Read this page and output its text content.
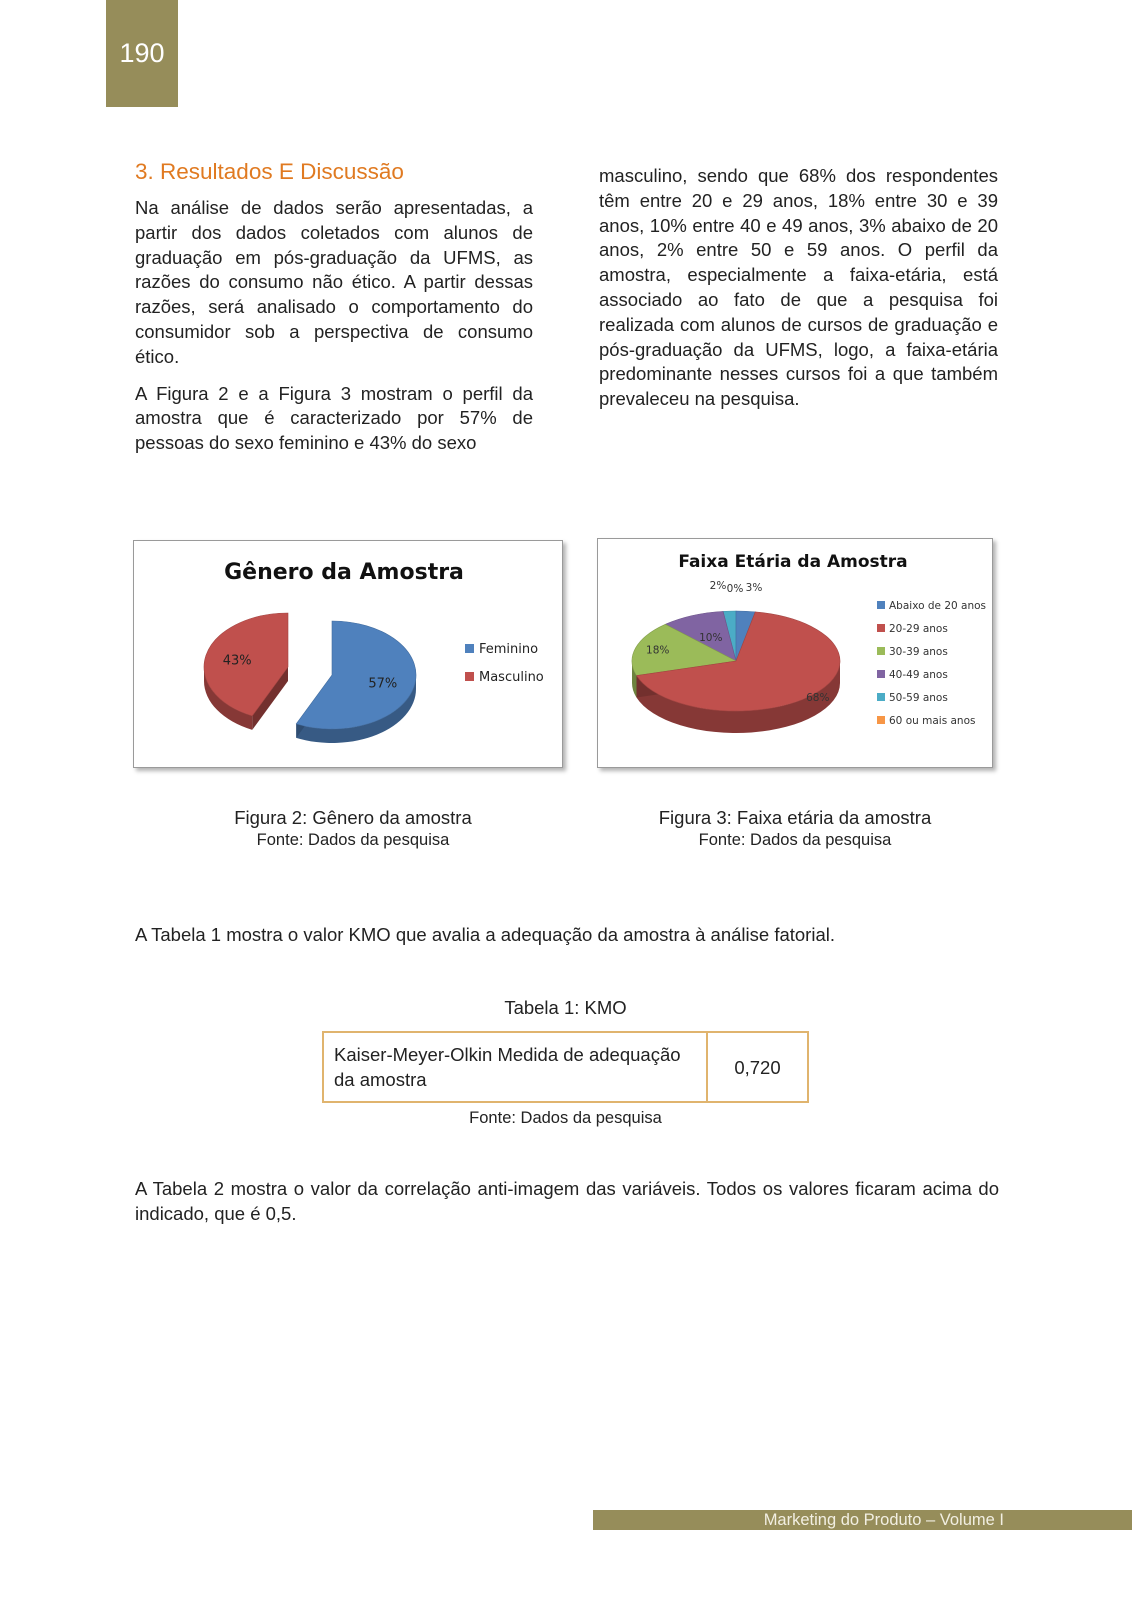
190
3. Resultados E Discussão

Na análise de dados serão apresentadas, a partir dos dados coletados com alunos de graduação em pós-graduação da UFMS, as razões do consumo não ético. A partir dessas razões, será analisado o comportamento do consumidor sob a perspectiva de consumo ético.

A Figura 2 e a Figura 3 mostram o perfil da amostra que é caracterizado por 57% de pessoas do sexo feminino e 43% do sexo

masculino, sendo que 68% dos respondentes têm entre 20 e 29 anos, 18% entre 30 e 39 anos, 10% entre 40 e 49 anos, 3% abaixo de 20 anos, 2% entre 50 e 59 anos. O perfil da amostra, especialmente a faixa-etária, está associado ao fato de que a pesquisa foi realizada com alunos de cursos de graduação e pós-graduação da UFMS, logo, a faixa-etária predominante nesses cursos foi a que também prevaleceu na pesquisa.

Gênero da Amostra
57%
43%
Feminino
Masculino
Faixa Etária da Amostra
3%
68%
18%
10%
2% 0%
Abaixo de 20 anos
20-29 anos
30-39 anos
40-49 anos
50-59 anos
60 ou mais anos
Figura 2: Gênero da amostra
Fonte: Dados da pesquisa
Figura 3: Faixa etária da amostra
Fonte: Dados da pesquisa
A Tabela 1 mostra o valor KMO que avalia a adequação da amostra à análise fatorial.
Tabela 1: KMO
Kaiser-Meyer-Olkin Medida de adequação da amostra	0,720
Fonte: Dados da pesquisa
A Tabela 2 mostra o valor da correlação anti-imagem das variáveis. Todos os valores ficaram acima do indicado, que é 0,5.
Marketing do Produto – Volume I
